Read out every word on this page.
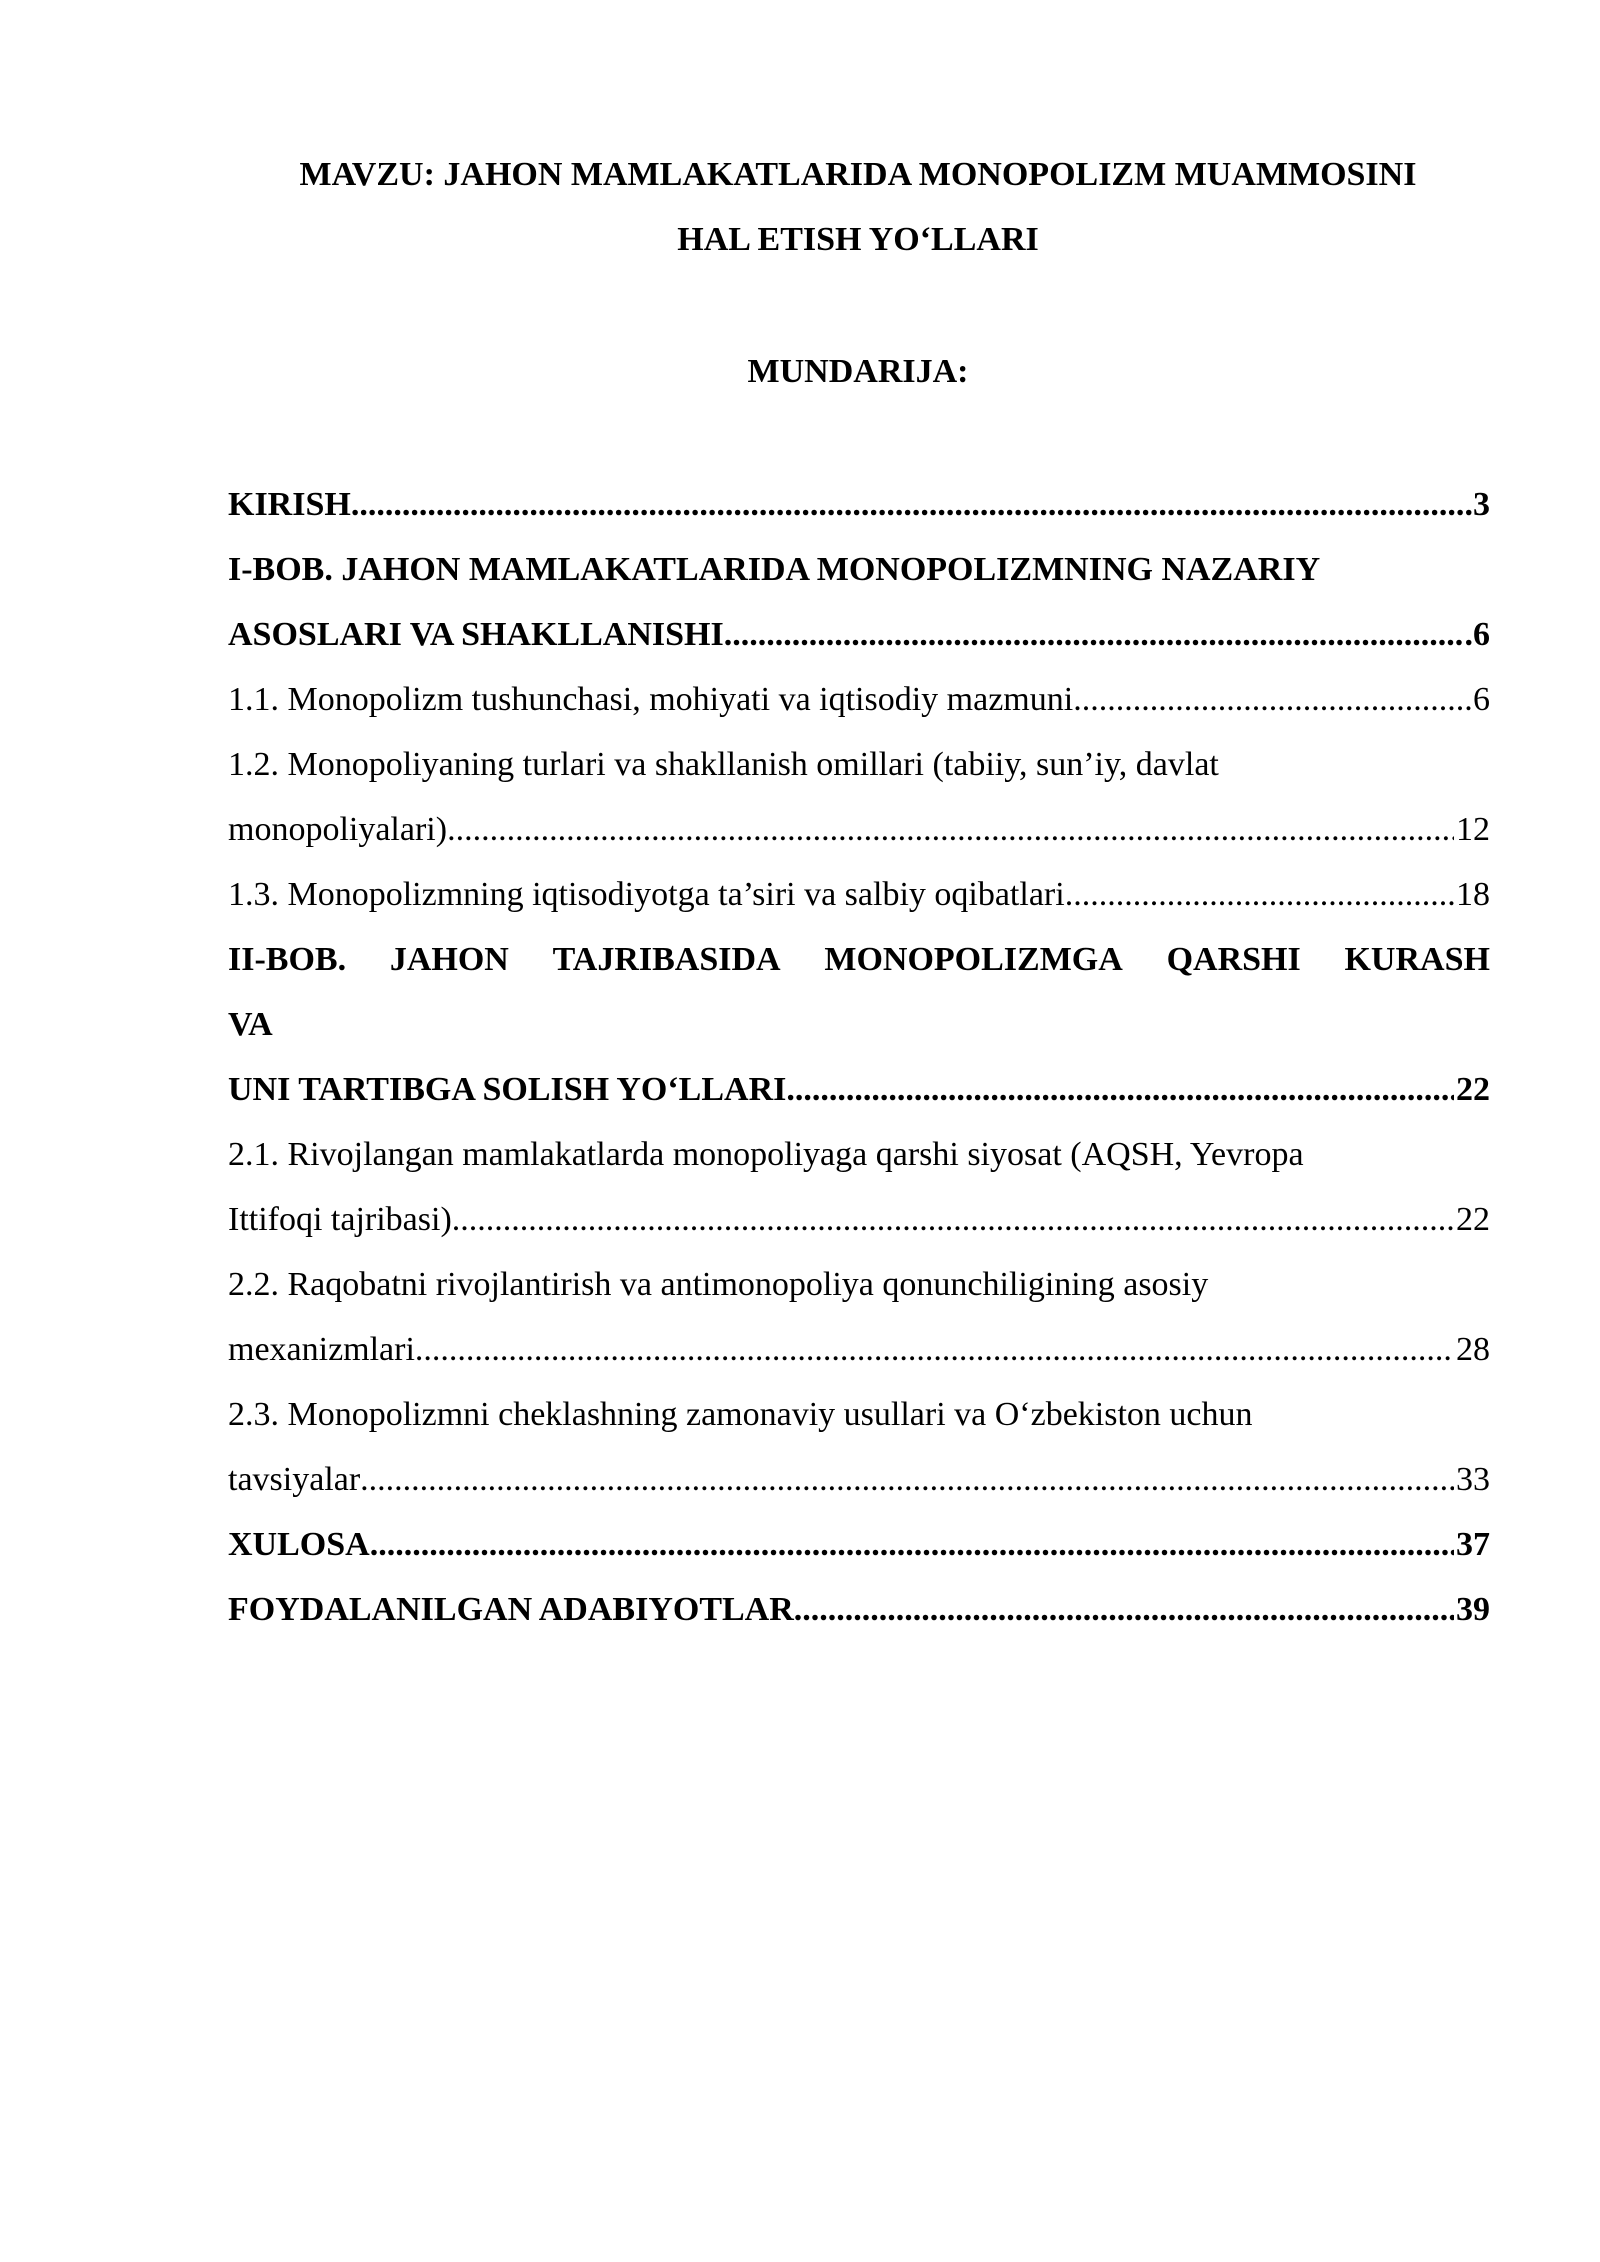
MAVZU: JAHON MAMLAKATLARIDA MONOPOLIZM MUAMMOSINI
HAL ETISH YO‘LLARI
MUNDARIJA:
KIRISH .....	.3
I-BOB. JAHON MAMLAKATLARIDA MONOPOLIZMNING NAZARIY
ASOSLARI VA SHAKLLANISHI .....	.6
1.1. Monopolizm tushunchasi, mohiyati va iqtisodiy mazmuni .....	6
1.2. Monopoliyaning turlari va shakllanish omillari (tabiiy, sun’iy, davlat
monopoliyalari) .....	12
1.3. Monopolizmning iqtisodiyotga ta’siri va salbiy oqibatlari .....	18
II-BOB. JAHON TAJRIBASIDA MONOPOLIZMGA QARSHI KURASH
VA
UNI TARTIBGA SOLISH YO‘LLARI .....	22
2.1. Rivojlangan mamlakatlarda monopoliyaga qarshi siyosat (AQSH, Yevropa
Ittifoqi tajribasi) .....	22
2.2. Raqobatni rivojlantirish va antimonopoliya qonunchiligining asosiy
mexanizmlari .....	28
2.3. Monopolizmni cheklashning zamonaviy usullari va O‘zbekiston uchun
tavsiyalar .....	33
XULOSA .....	37
FOYDALANILGAN ADABIYOTLAR .....	39
